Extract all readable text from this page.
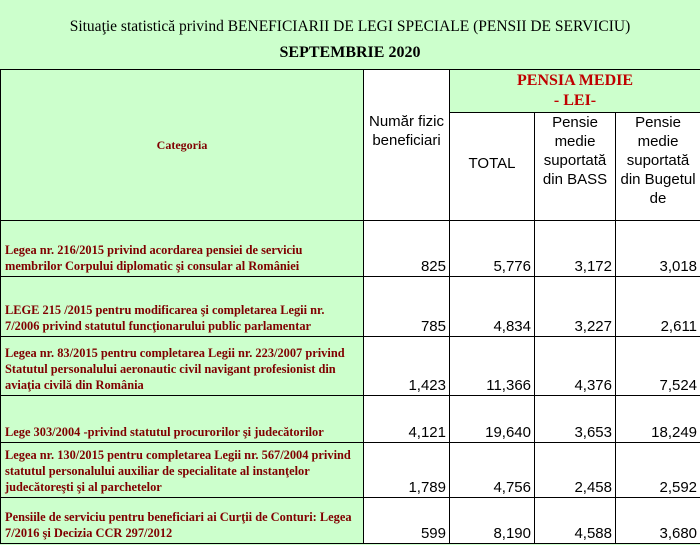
Situaţie statistică privind BENEFICIARII DE LEGI SPECIALE (PENSII DE SERVICIU)
SEPTEMBRIE 2020
Categoria	Număr fizic beneficiari	PENSIA MEDIE
- LEI-		

		TOTAL	Pensie medie suportată din BASS	Pensie medie suportată din Bugetul de
Legea nr. 216/2015 privind acordarea pensiei de serviciu membrilor Corpului diplomatic şi consular al României	825	5,776	3,172	3,018
LEGE 215 /2015 pentru modificarea şi completarea Legii nr. 7/2006 privind statutul funcţionarului public parlamentar	785	4,834	3,227	2,611
Legea nr. 83/2015 pentru completarea Legii nr. 223/2007 privind Statutul personalului aeronautic civil navigant profesionist din aviaţia civilă din România	1,423	11,366	4,376	7,524
Lege 303/2004 -privind statutul procurorilor şi judecătorilor	4,121	19,640	3,653	18,249
Legea nr. 130/2015 pentru completarea Legii nr. 567/2004 privind statutul personalului auxiliar de specialitate al instanţelor judecătoreşti şi al parchetelor	1,789	4,756	2,458	2,592
Pensiile de serviciu pentru beneficiari ai Curţii de Conturi: Legea 7/2016 şi Decizia CCR 297/2012	599	8,190	4,588	3,680
